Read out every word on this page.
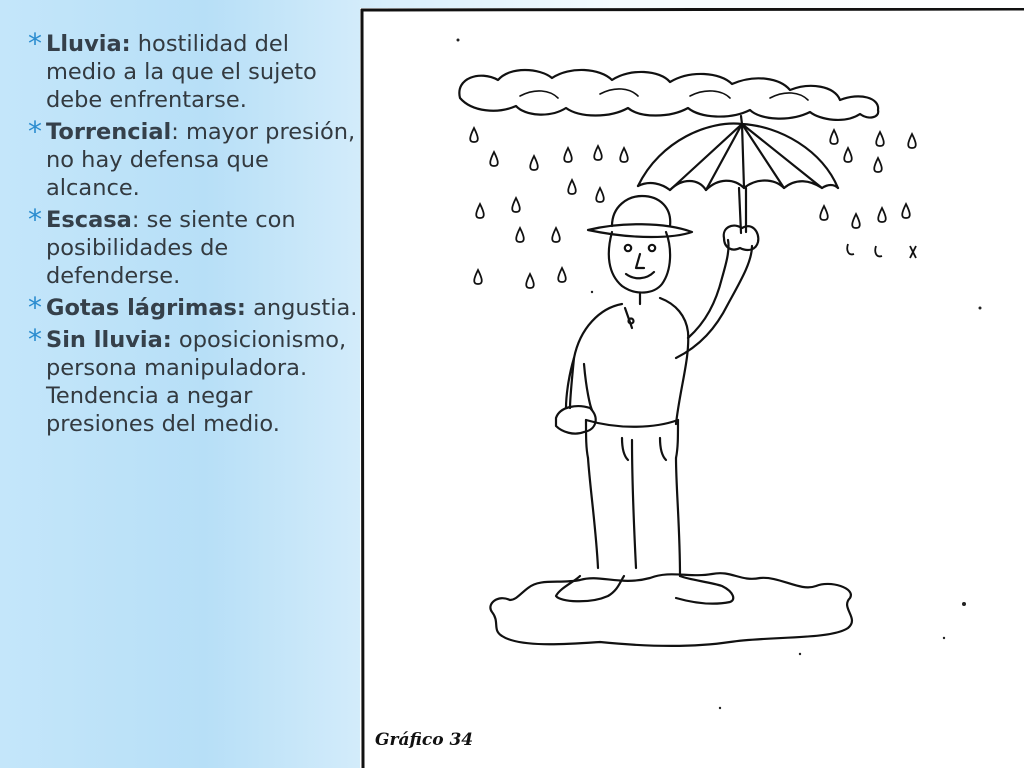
* Lluvia: hostilidad del medio a la que el sujeto debe enfrentarse.
* Torrencial: mayor presión, no hay defensa que alcance.
* Escasa: se siente con posibilidades de defenderse.
* Gotas lágrimas: angustia.
* Sin lluvia: oposicionismo, persona manipuladora. Tendencia a negar presiones del medio.
Gráfico 34
